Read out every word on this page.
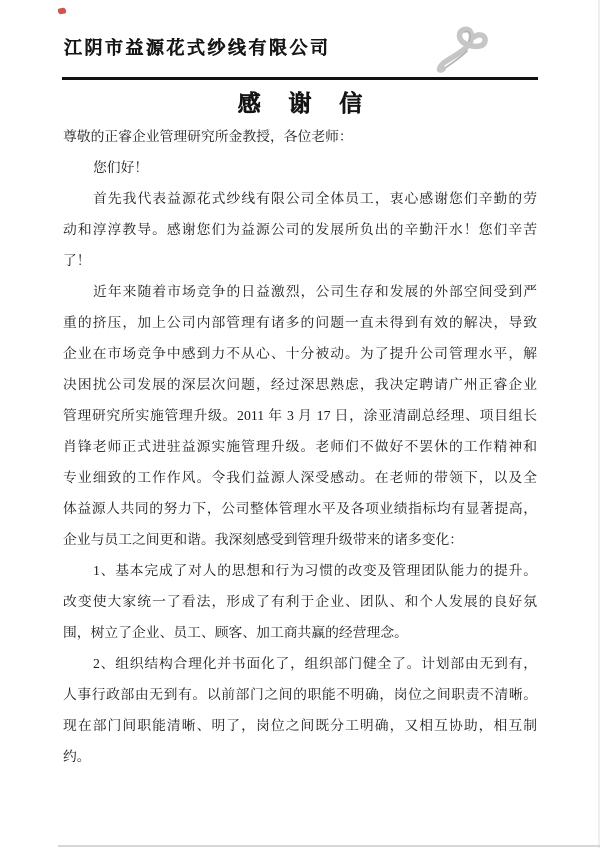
江阴市益源花式纱线有限公司
感 谢 信
尊敬的正睿企业管理研究所金教授，各位老师：
您们好！
首先我代表益源花式纱线有限公司全体员工，衷心感谢您们辛勤的劳
动和淳淳教导。感谢您们为益源公司的发展所负出的辛勤汗水！您们辛苦
了！
近年来随着市场竞争的日益激烈，公司生存和发展的外部空间受到严
重的挤压，加上公司内部管理有诸多的问题一直未得到有效的解决，导致
企业在市场竞争中感到力不从心、十分被动。为了提升公司管理水平，解
决困扰公司发展的深层次问题，经过深思熟虑，我决定聘请广州正睿企业
管理研究所实施管理升级。2011 年 3 月 17 日，涂亚清副总经理、项目组长
肖锋老师正式进驻益源实施管理升级。老师们不做好不罢休的工作精神和
专业细致的工作作风。令我们益源人深受感动。在老师的带领下，以及全
体益源人共同的努力下，公司整体管理水平及各项业绩指标均有显著提高，
企业与员工之间更和谐。我深刻感受到管理升级带来的诸多变化：
1、基本完成了对人的思想和行为习惯的改变及管理团队能力的提升。
改变使大家统一了看法，形成了有利于企业、团队、和个人发展的良好氛
围，树立了企业、员工、顾客、加工商共赢的经营理念。
2、组织结构合理化并书面化了，组织部门健全了。计划部由无到有，
人事行政部由无到有。以前部门之间的职能不明确，岗位之间职责不清晰。
现在部门间职能清晰、明了，岗位之间既分工明确，又相互协助，相互制
约。
